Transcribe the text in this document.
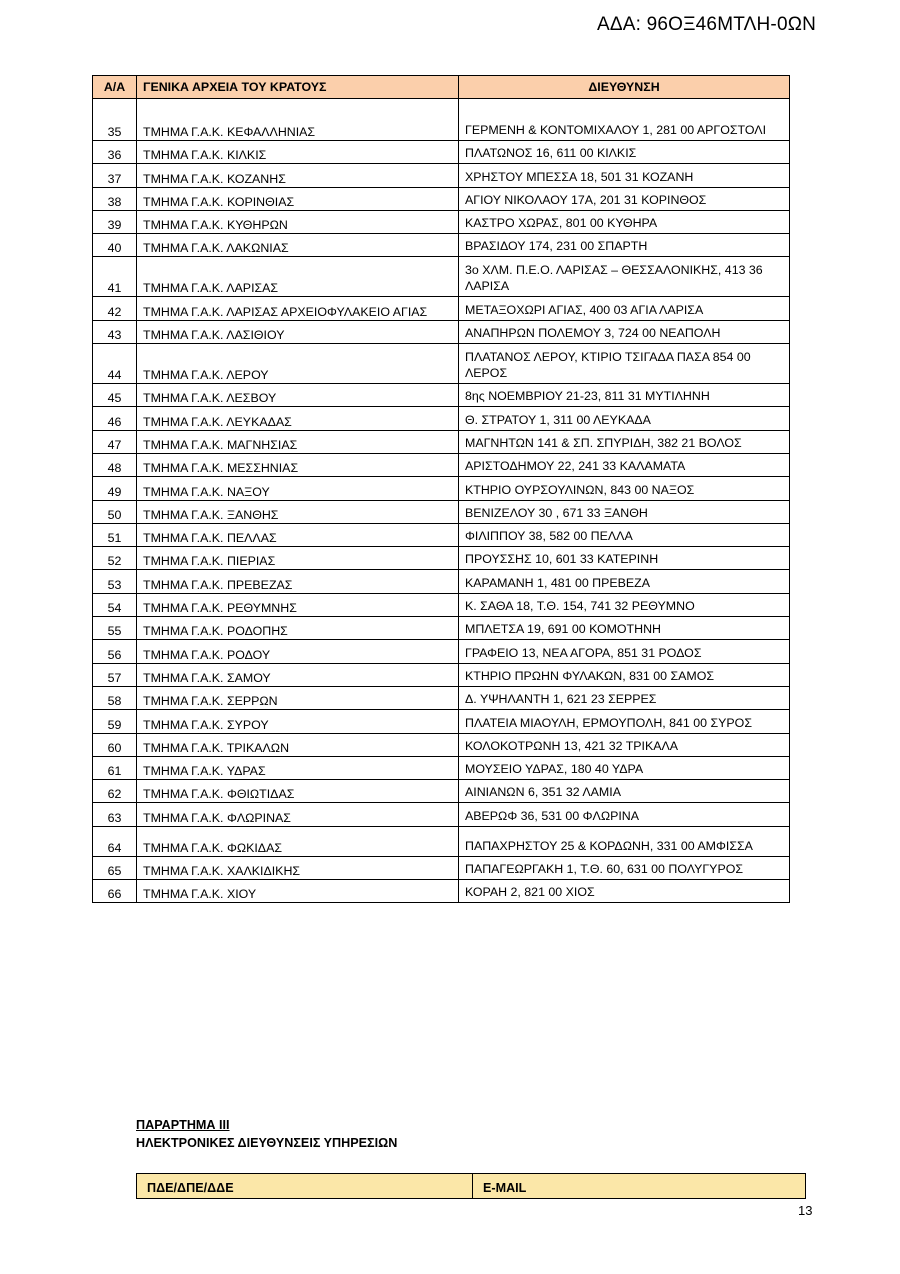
ΑΔΑ: 96ΟΞ46ΜΤΛΗ-0ΩΝ
Α/Α	ΓΕΝΙΚΑ ΑΡΧΕΙΑ ΤΟΥ ΚΡΑΤΟΥΣ	ΔΙΕΥΘΥΝΣΗ
35	ΤΜΗΜΑ Γ.Α.Κ. ΚΕΦΑΛΛΗΝΙΑΣ	ΓΕΡΜΕΝΗ & ΚΟΝΤΟΜΙΧΑΛΟΥ 1, 281 00 ΑΡΓΟΣΤΟΛΙ
36	ΤΜΗΜΑ Γ.Α.Κ. ΚΙΛΚΙΣ	ΠΛΑΤΩΝΟΣ 16, 611 00 ΚΙΛΚΙΣ
37	ΤΜΗΜΑ Γ.Α.Κ. ΚΟΖΑΝΗΣ	ΧΡΗΣΤΟΥ ΜΠΕΣΣΑ 18, 501 31 ΚΟΖΑΝΗ
38	ΤΜΗΜΑ Γ.Α.Κ. ΚΟΡΙΝΘΙΑΣ	ΑΓΙΟΥ ΝΙΚΟΛΑΟΥ 17Α, 201 31 ΚΟΡΙΝΘΟΣ
39	ΤΜΗΜΑ Γ.Α.Κ. ΚΥΘΗΡΩΝ	ΚΑΣΤΡΟ ΧΩΡΑΣ, 801 00 ΚΥΘΗΡΑ
40	ΤΜΗΜΑ Γ.Α.Κ. ΛΑΚΩΝΙΑΣ	ΒΡΑΣΙΔΟΥ 174, 231 00 ΣΠΑΡΤΗ
41	ΤΜΗΜΑ Γ.Α.Κ. ΛΑΡΙΣΑΣ	3ο ΧΛΜ. Π.Ε.Ο. ΛΑΡΙΣΑΣ – ΘΕΣΣΑΛΟΝΙΚΗΣ, 413 36 ΛΑΡΙΣΑ
42	ΤΜΗΜΑ Γ.Α.Κ. ΛΑΡΙΣΑΣ ΑΡΧΕΙΟΦΥΛΑΚΕΙΟ ΑΓΙΑΣ	ΜΕΤΑΞΟΧΩΡΙ ΑΓΙΑΣ, 400 03 ΑΓΙΑ ΛΑΡΙΣΑ
43	ΤΜΗΜΑ Γ.Α.Κ. ΛΑΣΙΘΙΟΥ	ΑΝΑΠΗΡΩΝ ΠΟΛΕΜΟΥ 3, 724 00 ΝΕΑΠΟΛΗ
44	ΤΜΗΜΑ Γ.Α.Κ. ΛΕΡΟΥ	ΠΛΑΤΑΝΟΣ ΛΕΡΟΥ, ΚΤΙΡΙΟ ΤΣΙΓΑΔΑ ΠΑΣΑ 854 00 ΛΕΡΟΣ
45	ΤΜΗΜΑ Γ.Α.Κ. ΛΕΣΒΟΥ	8ης ΝΟΕΜΒΡΙΟΥ 21-23, 811 31 ΜΥΤΙΛΗΝΗ
46	ΤΜΗΜΑ Γ.Α.Κ. ΛΕΥΚΑΔΑΣ	Θ. ΣΤΡΑΤΟΥ 1, 311 00 ΛΕΥΚΑΔΑ
47	ΤΜΗΜΑ Γ.Α.Κ. ΜΑΓΝΗΣΙΑΣ	ΜΑΓΝΗΤΩΝ 141 & ΣΠ. ΣΠΥΡΙΔΗ, 382 21 ΒΟΛΟΣ
48	ΤΜΗΜΑ Γ.Α.Κ. ΜΕΣΣΗΝΙΑΣ	ΑΡΙΣΤΟΔΗΜΟΥ 22, 241 33 ΚΑΛΑΜΑΤΑ
49	ΤΜΗΜΑ Γ.Α.Κ. ΝΑΞΟΥ	ΚΤΗΡΙΟ ΟΥΡΣΟΥΛΙΝΩΝ, 843 00 ΝΑΞΟΣ
50	ΤΜΗΜΑ Γ.Α.Κ. ΞΑΝΘΗΣ	ΒΕΝΙΖΕΛΟΥ 30 , 671 33 ΞΑΝΘΗ
51	ΤΜΗΜΑ Γ.Α.Κ. ΠΕΛΛΑΣ	ΦΙΛΙΠΠΟΥ 38, 582 00 ΠΕΛΛΑ
52	ΤΜΗΜΑ Γ.Α.Κ. ΠΙΕΡΙΑΣ	ΠΡΟΥΣΣΗΣ 10, 601 33 ΚΑΤΕΡΙΝΗ
53	ΤΜΗΜΑ Γ.Α.Κ. ΠΡΕΒΕΖΑΣ	ΚΑΡΑΜΑΝΗ 1, 481 00 ΠΡΕΒΕΖΑ
54	ΤΜΗΜΑ Γ.Α.Κ. ΡΕΘΥΜΝΗΣ	Κ. ΣΑΘΑ 18, Τ.Θ. 154, 741 32 ΡΕΘΥΜΝΟ
55	ΤΜΗΜΑ Γ.Α.Κ. ΡΟΔΟΠΗΣ	ΜΠΛΕΤΣΑ 19, 691 00 ΚΟΜΟΤΗΝΗ
56	ΤΜΗΜΑ Γ.Α.Κ. ΡΟΔΟΥ	ΓΡΑΦΕΙΟ 13, ΝΕΑ ΑΓΟΡΑ, 851 31 ΡΟΔΟΣ
57	ΤΜΗΜΑ Γ.Α.Κ. ΣΑΜΟΥ	ΚΤΗΡΙΟ ΠΡΩΗΝ ΦΥΛΑΚΩΝ, 831 00 ΣΑΜΟΣ
58	ΤΜΗΜΑ Γ.Α.Κ. ΣΕΡΡΩΝ	Δ. ΥΨΗΛΑΝΤΗ 1, 621 23 ΣΕΡΡΕΣ
59	ΤΜΗΜΑ Γ.Α.Κ. ΣΥΡΟΥ	ΠΛΑΤΕΙΑ ΜΙΑΟΥΛΗ, ΕΡΜΟΥΠΟΛΗ, 841 00 ΣΥΡΟΣ
60	ΤΜΗΜΑ Γ.Α.Κ. ΤΡΙΚΑΛΩΝ	ΚΟΛΟΚΟΤΡΩΝΗ 13, 421 32 ΤΡΙΚΑΛΑ
61	ΤΜΗΜΑ Γ.Α.Κ. ΥΔΡΑΣ	ΜΟΥΣΕΙΟ ΥΔΡΑΣ, 180 40 ΥΔΡΑ
62	ΤΜΗΜΑ Γ.Α.Κ. ΦΘΙΩΤΙΔΑΣ	ΑΙΝΙΑΝΩΝ 6, 351 32 ΛΑΜΙΑ
63	ΤΜΗΜΑ Γ.Α.Κ. ΦΛΩΡΙΝΑΣ	ΑΒΕΡΩΦ 36, 531 00 ΦΛΩΡΙΝΑ
64	ΤΜΗΜΑ Γ.Α.Κ. ΦΩΚΙΔΑΣ	ΠΑΠΑΧΡΗΣΤΟΥ 25 & ΚΟΡΔΩΝΗ, 331 00 ΑΜΦΙΣΣΑ
65	ΤΜΗΜΑ Γ.Α.Κ. ΧΑΛΚΙΔΙΚΗΣ	ΠΑΠΑΓΕΩΡΓΑΚΗ 1, Τ.Θ. 60, 631 00 ΠΟΛΥΓΥΡΟΣ
66	ΤΜΗΜΑ Γ.Α.Κ. ΧΙΟΥ	ΚΟΡΑΗ 2, 821 00 ΧΙΟΣ
ΠΑΡΑΡΤΗΜΑ ΙΙΙ
ΗΛΕΚΤΡΟΝΙΚΕΣ ΔΙΕΥΘΥΝΣΕΙΣ ΥΠΗΡΕΣΙΩΝ
ΠΔΕ/ΔΠΕ/ΔΔΕ	E-MAIL
13
